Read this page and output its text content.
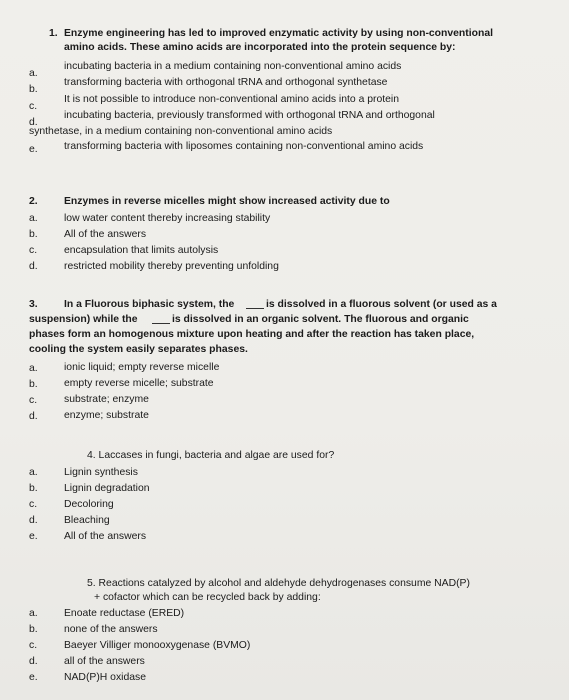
1. Enzyme engineering has led to improved enzymatic activity by using non-conventional
amino acids. These amino acids are incorporated into the protein sequence by:
a.
incubating bacteria in a medium containing non-conventional amino acids
b.
transforming bacteria with orthogonal tRNA and orthogonal synthetase
c.
It is not possible to introduce non-conventional amino acids into a protein
d.
incubating bacteria, previously transformed with orthogonal tRNA and orthogonal
synthetase, in a medium containing non-conventional amino acids
e.	transforming bacteria with liposomes containing non-conventional amino acids
2.	Enzymes in reverse micelles might show increased activity due to
a.	low water content thereby increasing stability
b.	All of the answers
c.	encapsulation that limits autolysis
d.	restricted mobility thereby preventing unfolding
3.	In a Fluorous biphasic system, the	is dissolved in a fluorous solvent (or used as a
suspension) while the	is dissolved in an organic solvent. The fluorous and organic
phases form an homogenous mixture upon heating and after the reaction has taken place,
cooling the system easily separates phases.
a.	ionic liquid; empty reverse micelle
b.	empty reverse micelle; substrate
c.	substrate; enzyme
d.	enzyme; substrate
4. Laccases in fungi, bacteria and algae are used for?
a.	Lignin synthesis
b.	Lignin degradation
c.	Decoloring
d.	Bleaching
e.	All of the answers
5. Reactions catalyzed by alcohol and aldehyde dehydrogenases consume NAD(P)
+ cofactor which can be recycled back by adding:
a.	Enoate reductase (ERED)
b.	none of the answers
c.	Baeyer Villiger monooxygenase (BVMO)
d.	all of the answers
e.	NAD(P)H oxidase
